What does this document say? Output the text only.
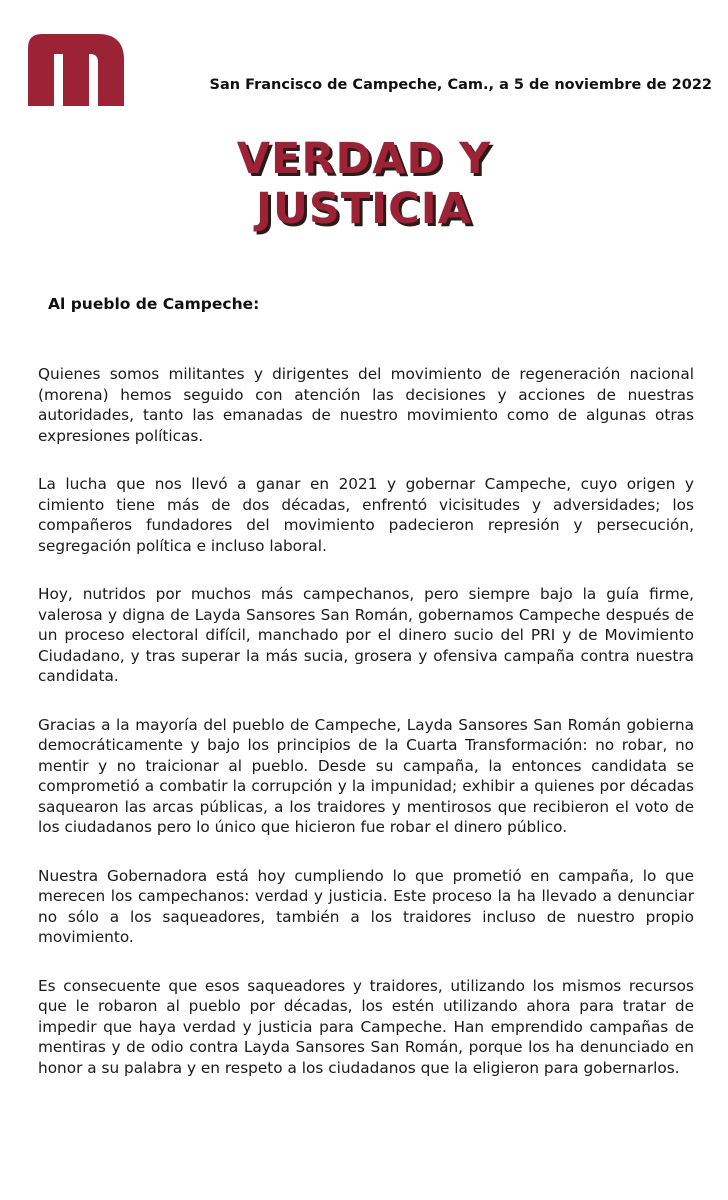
San Francisco de Campeche, Cam., a 5 de noviembre de 2022
VERDAD Y
JUSTICIA
Al pueblo de Campeche:

Quienes somos militantes y dirigentes del movimiento de regeneración nacional (morena) hemos seguido con atención las decisiones y acciones de nuestras autoridades, tanto las emanadas de nuestro movimiento como de algunas otras expresiones políticas.

La lucha que nos llevó a ganar en 2021 y gobernar Campeche, cuyo origen y cimiento tiene más de dos décadas, enfrentó vicisitudes y adversidades; los compañeros fundadores del movimiento padecieron represión y persecución, segregación política e incluso laboral.

Hoy, nutridos por muchos más campechanos, pero siempre bajo la guía firme, valerosa y digna de Layda Sansores San Román, gobernamos Campeche después de un proceso electoral difícil, manchado por el dinero sucio del PRI y de Movimiento Ciudadano, y tras superar la más sucia, grosera y ofensiva campaña contra nuestra candidata.

Gracias a la mayoría del pueblo de Campeche, Layda Sansores San Román gobierna democráticamente y bajo los principios de la Cuarta Transformación: no robar, no mentir y no traicionar al pueblo. Desde su campaña, la entonces candidata se comprometió a combatir la corrupción y la impunidad; exhibir a quienes por décadas saquearon las arcas públicas, a los traidores y mentirosos que recibieron el voto de los ciudadanos pero lo único que hicieron fue robar el dinero público.

Nuestra Gobernadora está hoy cumpliendo lo que prometió en campaña, lo que merecen los campechanos: verdad y justicia. Este proceso la ha llevado a denunciar no sólo a los saqueadores, también a los traidores incluso de nuestro propio movimiento.

Es consecuente que esos saqueadores y traidores, utilizando los mismos recursos que le robaron al pueblo por décadas, los estén utilizando ahora para tratar de impedir que haya verdad y justicia para Campeche. Han emprendido campañas de mentiras y de odio contra Layda Sansores San Román, porque los ha denunciado en honor a su palabra y en respeto a los ciudadanos que la eligieron para gobernarlos.
